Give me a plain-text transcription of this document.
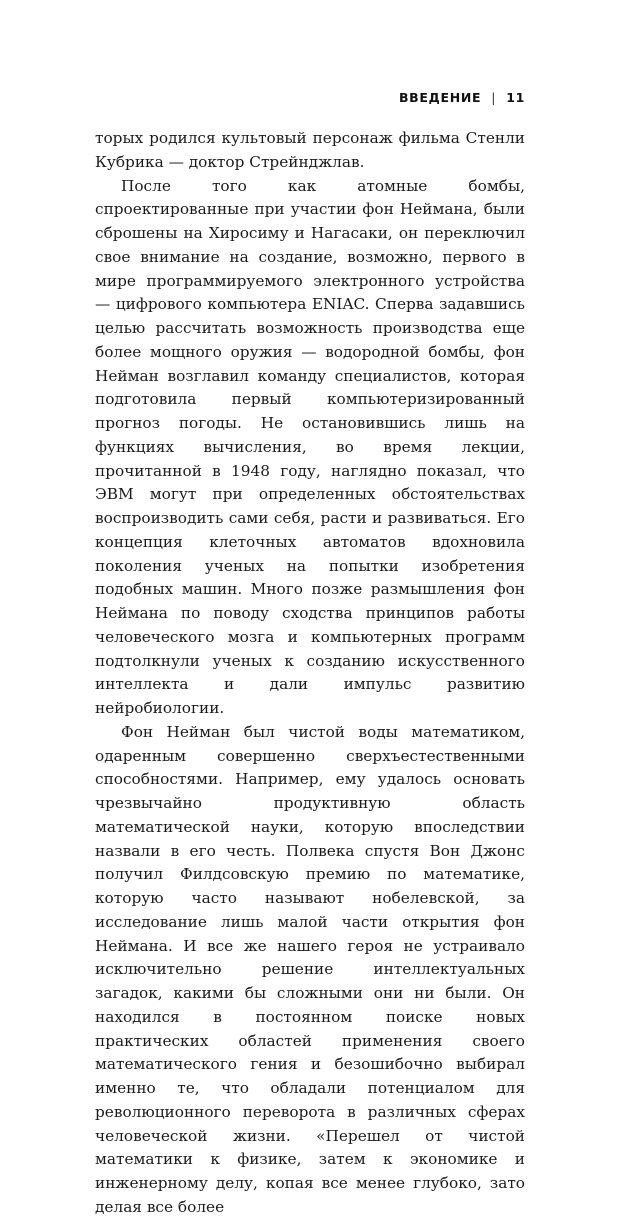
ВВЕДЕНИЕ | 11

торых родился культовый персонаж фильма Стенли Кубрика — доктор Стрейнджлав.

После того как атомные бомбы, спроектированные при участии фон Неймана, были сброшены на Хиросиму и Нагасаки, он переключил свое внимание на создание, возможно, первого в мире программируемого электронного устройства — цифрового компьютера ENIAC. Сперва задавшись целью рассчитать возможность производства еще более мощного оружия — водородной бомбы, фон Нейман возглавил команду специалистов, которая подготовила первый компьютеризированный прогноз погоды. Не остановившись лишь на функциях вычисления, во время лекции, прочитанной в 1948 году, наглядно показал, что ЭВМ могут при определенных обстоятельствах воспроизводить сами себя, расти и развиваться. Его концепция клеточных автоматов вдохновила поколения ученых на попытки изобретения подобных машин. Много позже размышления фон Неймана по поводу сходства принципов работы человеческого мозга и компьютерных программ подтолкнули ученых к созданию искусственного интеллекта и дали импульс развитию нейробиологии.

Фон Нейман был чистой воды математиком, одаренным совершенно сверхъестественными способностями. Например, ему удалось основать чрезвычайно продуктивную область математической науки, которую впоследствии назвали в его честь. Полвека спустя Вон Джонс получил Филдсовскую премию по математике, которую часто называют нобелевской, за исследование лишь малой части открытия фон Неймана. И все же нашего героя не устраивало исключительно решение интеллектуальных загадок, какими бы сложными они ни были. Он находился в постоянном поиске новых практических областей применения своего математического гения и безошибочно выбирал именно те, что обладали потенциалом для революционного переворота в различных сферах человеческой жизни. «Перешел от чистой математики к физике, затем к экономике и инженерному делу, копая все менее глубоко, зато делая все более
